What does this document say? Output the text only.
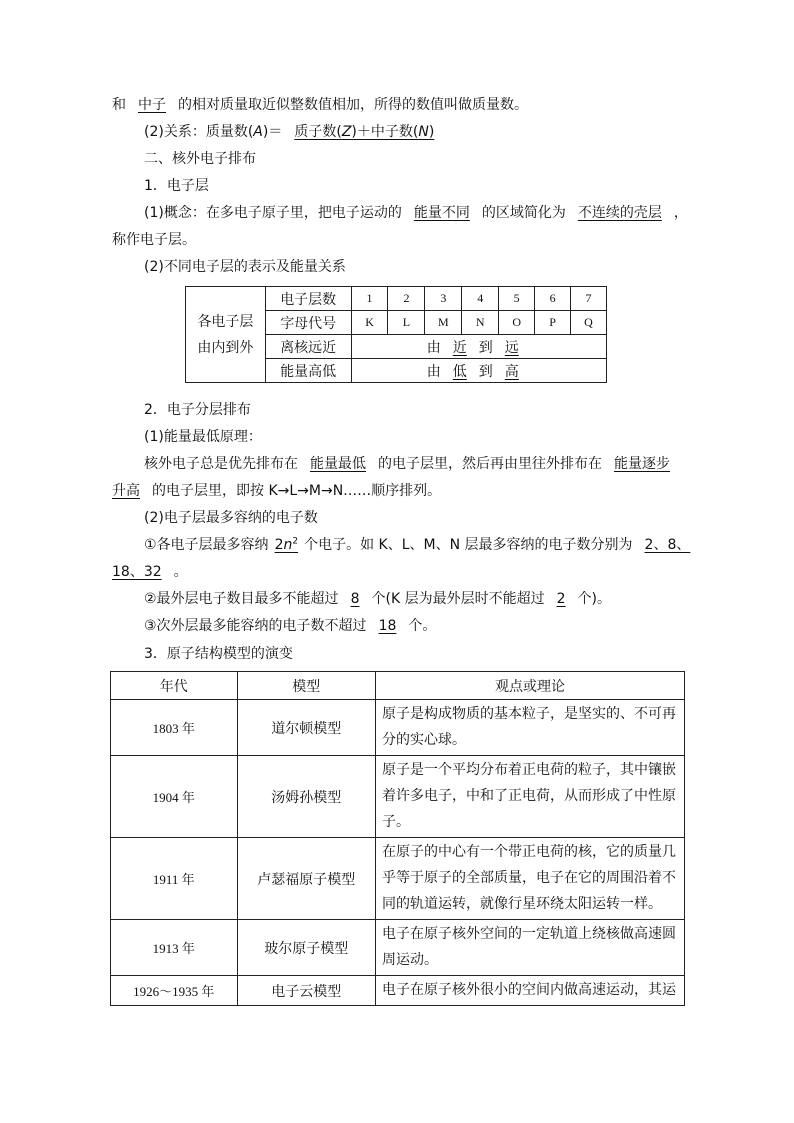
和 中子 的相对质量取近似整数值相加，所得的数值叫做质量数。
(2)关系：质量数(A)＝ 质子数(Z)＋中子数(N)
二、核外电子排布
1．电子层
(1)概念：在多电子原子里，把电子运动的 能量不同 的区域简化为 不连续的壳层 ，
称作电子层。
(2)不同电子层的表示及能量关系
各电子层
由内到外	电子层数	1	2	3	4	5	6	7
	字母代号	K	L	M	N	O	P	Q
	离核远近	由 近 到 远						
	能量高低	由 低 到 高						
2．电子分层排布
(1)能量最低原理：
核外电子总是优先排布在 能量最低 的电子层里，然后再由里往外排布在 能量逐步
升高 的电子层里，即按 K→L→M→N……顺序排列。
(2)电子层最多容纳的电子数
①各电子层最多容纳 $2n^2$ 个电子。如 K、L、M、N 层最多容纳的电子数分别为 2、8、
18、32 。
②最外层电子数目最多不能超过 8 个(K 层为最外层时不能超过 2 个)。
③次外层最多能容纳的电子数不超过 18 个。
3．原子结构模型的演变
年代	模型	观点或理论
1803 年	道尔顿模型	原子是构成物质的基本粒子，是坚实的、不可再分的实心球。
1904 年	汤姆孙模型	原子是一个平均分布着正电荷的粒子，其中镶嵌着许多电子，中和了正电荷，从而形成了中性原子。
1911 年	卢瑟福原子模型	在原子的中心有一个带正电荷的核，它的质量几乎等于原子的全部质量，电子在它的周围沿着不同的轨道运转，就像行星环绕太阳运转一样。
1913 年	玻尔原子模型	电子在原子核外空间的一定轨道上绕核做高速圆周运动。
1926～1935 年	电子云模型	电子在原子核外很小的空间内做高速运动，其运
